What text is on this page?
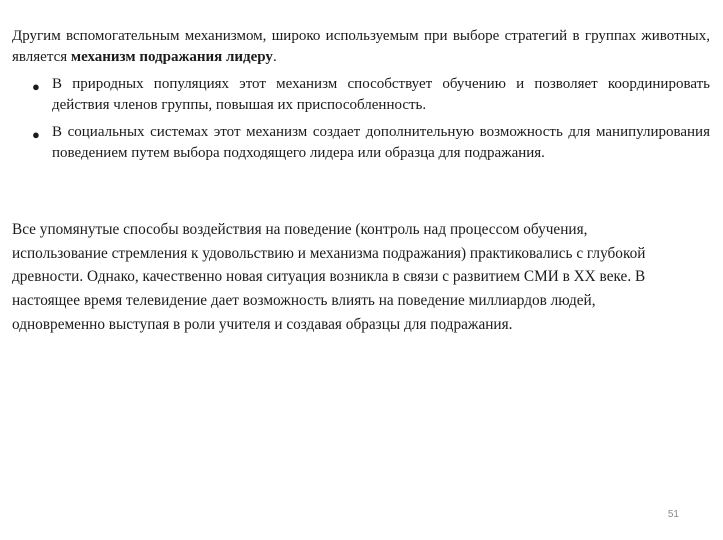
Другим вспомогательным механизмом, широко используемым при выборе стратегий в группах животных, является механизм подражания лидеру.

● В природных популяциях этот механизм способствует обучению и позволяет координировать действия членов группы, повышая их приспособленность.
● В социальных системах этот механизм создает дополнительную возможность для манипулирования поведением путем выбора подходящего лидера или образца для подражания.

Все упомянутые способы воздействия на поведение (контроль над процессом обучения, использование стремления к удовольствию и механизма подражания) практиковались с глубокой древности. Однако, качественно новая ситуация возникла в связи с развитием СМИ в XX веке. В настоящее время телевидение дает возможность влиять на поведение миллиардов людей, одновременно выступая в роли учителя и создавая образцы для подражания.

51
